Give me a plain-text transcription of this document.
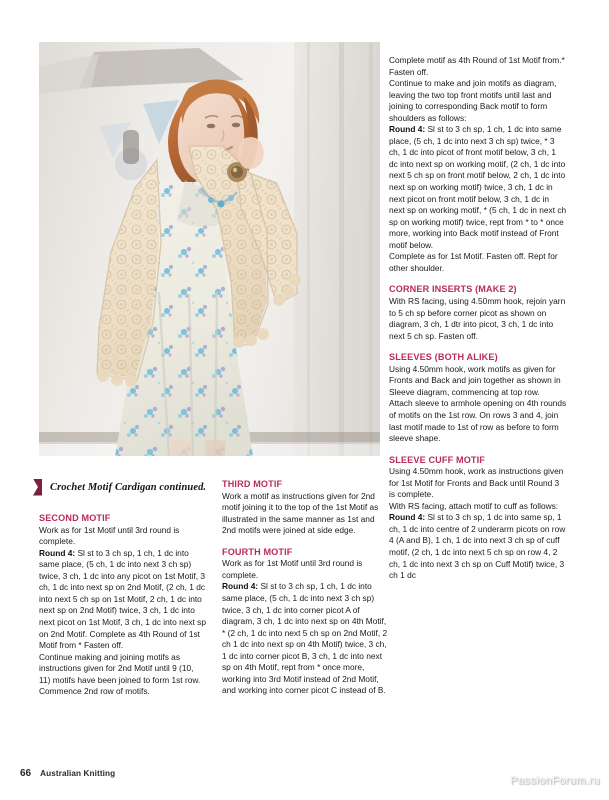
Crochet Motif Cardigan continued.
SECOND MOTIF

Work as for 1st Motif until 3rd round is complete.

Round 4: Sl st to 3 ch sp, 1 ch, 1 dc into same place, (5 ch, 1 dc into next 3 ch sp) twice, 3 ch, 1 dc into any picot on 1st Motif, 3 ch, 1 dc into next sp on 2nd Motif, (2 ch, 1 dc into next 5 ch sp on 1st Motif, 2 ch, 1 dc into next sp on 2nd Motif) twice, 3 ch, 1 dc into next picot on 1st Motif, 3 ch, 1 dc into next sp on 2nd Motif. Complete as 4th Round of 1st Motif from * Fasten off.

Continue making and joining motifs as instructions given for 2nd Motif until 9 (10, 11) motifs have been joined to form 1st row.

Commence 2nd row of motifs.

THIRD MOTIF

Work a motif as instructions given for 2nd motif joining it to the top of the 1st Motif as illustrated in the same manner as 1st and 2nd motifs were joined at side edge.

FOURTH MOTIF

Work as for 1st Motif until 3rd round is complete.

Round 4: Sl st to 3 ch sp, 1 ch, 1 dc into same place, (5 ch, 1 dc into next 3 ch sp) twice, 3 ch, 1 dc into corner picot A of diagram, 3 ch, 1 dc into next sp on 4th Motif, * (2 ch, 1 dc into next 5 ch sp on 2nd Motif, 2 ch 1 dc into next sp on 4th Motif) twice, 3 ch, 1 dc into corner picot B, 3 ch, 1 dc into next sp on 4th Motif, rept from * once more, working into 3rd Motif instead of 2nd Motif, and working into corner picot C instead of B.

Complete motif as 4th Round of 1st Motif from.* Fasten off.

Continue to make and join motifs as diagram, leaving the two top front motifs until last and joining to corresponding Back motif to form shoulders as follows:

Round 4: Sl st to 3 ch sp, 1 ch, 1 dc into same place, (5 ch, 1 dc into next 3 ch sp) twice, * 3 ch, 1 dc into picot of front motif below, 3 ch, 1 dc into next sp on working motif, (2 ch, 1 dc into next 5 ch sp on front motif below, 2 ch, 1 dc into next sp on working motif) twice, 3 ch, 1 dc in next picot on front motif below, 3 ch, 1 dc in next sp on working motif, * (5 ch, 1 dc in next ch sp on working motif) twice, rept from * to * once more, working into Back motif instead of Front motif below.

Complete as for 1st Motif. Fasten off. Rept for other shoulder.

CORNER INSERTS (MAKE 2)

With RS facing, using 4.50mm hook, rejoin yarn to 5 ch sp before corner picot as shown on diagram, 3 ch, 1 dtr into picot, 3 ch, 1 dc into next 5 ch sp. Fasten off.

SLEEVES (BOTH ALIKE)

Using 4.50mm hook, work motifs as given for Fronts and Back and join together as shown in Sleeve diagram, commencing at top row.

Attach sleeve to armhole opening on 4th rounds of motifs on the 1st row. On rows 3 and 4, join last motif made to 1st of row as before to form sleeve shape.

SLEEVE CUFF MOTIF

Using 4.50mm hook, work as instructions given for 1st Motif for Fronts and Back until Round 3 is complete.

With RS facing, attach motif to cuff as follows:

Round 4: Sl st to 3 ch sp, 1 dc into same sp, 1 ch, 1 dc into centre of 2 underarm picots on row 4 (A and B), 1 ch, 1 dc into next 3 ch sp of cuff motif, (2 ch, 1 dc into next 5 ch sp on row 4, 2 ch, 1 dc into next 3 ch sp on Cuff Motif) twice, 3 ch 1 dc

66 Australian Knitting
PassionForum.ru
